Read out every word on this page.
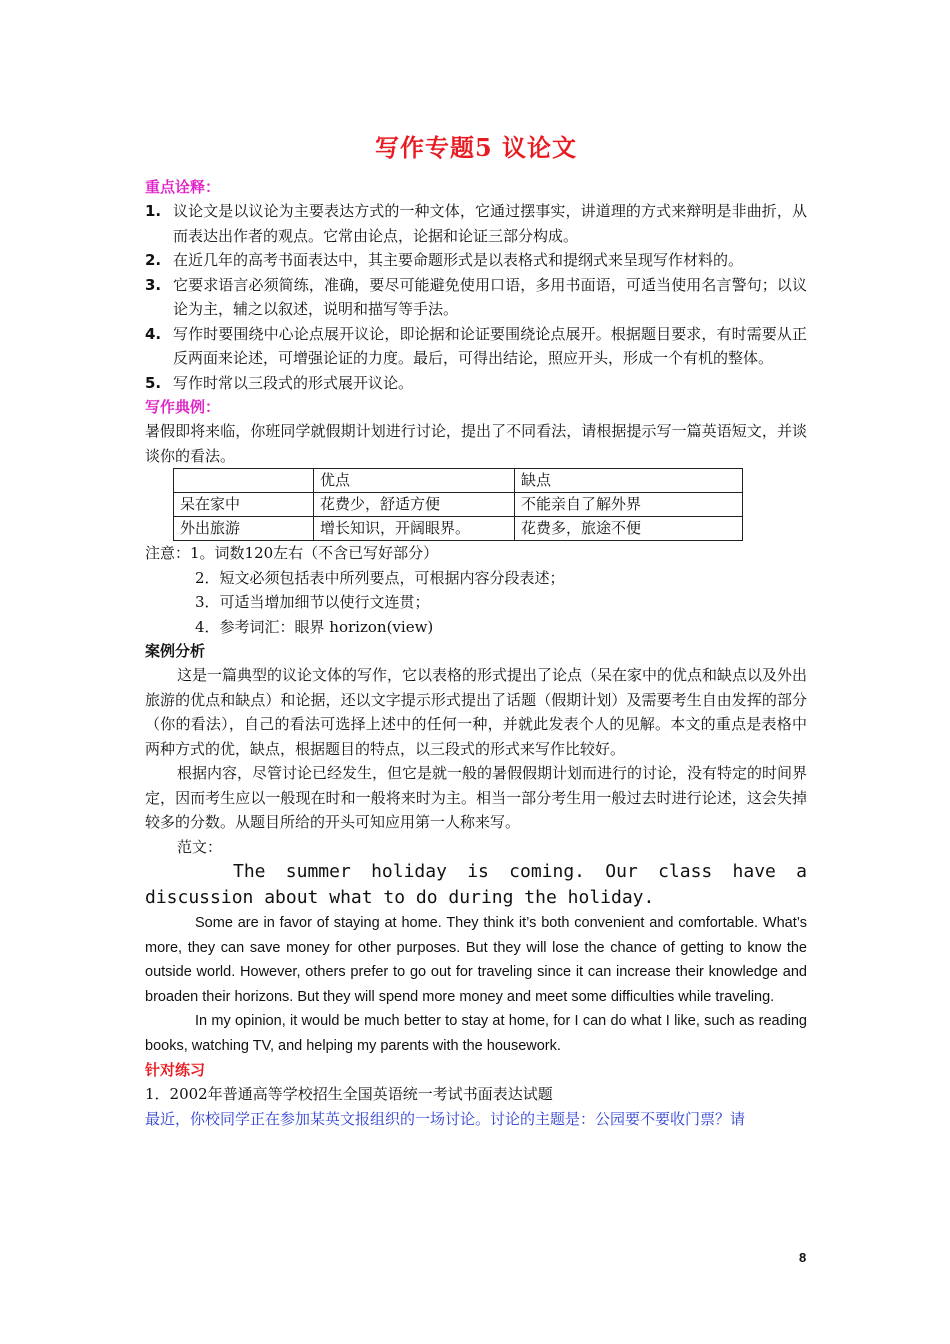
写作专题5 议论文
重点诠释：
1. 议论文是以议论为主要表达方式的一种文体，它通过摆事实，讲道理的方式来辩明是非曲折，从而表达出作者的观点。它常由论点，论据和论证三部分构成。
2. 在近几年的高考书面表达中，其主要命题形式是以表格式和提纲式来呈现写作材料的。
3. 它要求语言必须简练，准确，要尽可能避免使用口语，多用书面语，可适当使用名言警句；以议论为主，辅之以叙述，说明和描写等手法。
4. 写作时要围绕中心论点展开议论，即论据和论证要围绕论点展开。根据题目要求，有时需要从正反两面来论述，可增强论证的力度。最后，可得出结论，照应开头，形成一个有机的整体。
5. 写作时常以三段式的形式展开议论。
写作典例：
暑假即将来临，你班同学就假期计划进行讨论，提出了不同看法，请根据提示写一篇英语短文，并谈谈你的看法。
	优点	缺点
呆在家中	花费少，舒适方便	不能亲自了解外界
外出旅游	增长知识，开阔眼界。	花费多，旅途不便
注意：1。词数120左右（不含已写好部分）
2．短文必须包括表中所列要点，可根据内容分段表述；
3．可适当增加细节以使行文连贯；
4．参考词汇：眼界 horizon(view)
案例分析
这是一篇典型的议论文体的写作，它以表格的形式提出了论点（呆在家中的优点和缺点以及外出旅游的优点和缺点）和论据，还以文字提示形式提出了话题（假期计划）及需要考生自由发挥的部分（你的看法），自己的看法可选择上述中的任何一种，并就此发表个人的见解。本文的重点是表格中两种方式的优，缺点，根据题目的特点，以三段式的形式来写作比较好。
根据内容，尽管讨论已经发生，但它是就一般的暑假假期计划而进行的讨论，没有特定的时间界定，因而考生应以一般现在时和一般将来时为主。相当一部分考生用一般过去时进行论述，这会失掉较多的分数。从题目所给的开头可知应用第一人称来写。
范文：
The summer holiday is coming. Our class have a
discussion about what to do during the holiday.
Some are in favor of staying at home. They think it’s both convenient and comfortable. What’s more, they can save money for other purposes. But they will lose the chance of getting to know the outside world. However, others prefer to go out for traveling since it can increase their knowledge and broaden their horizons. But they will spend more money and meet some difficulties while traveling.
In my opinion, it would be much better to stay at home, for I can do what I like, such as reading books, watching TV, and helping my parents with the housework.
针对练习
1．2002年普通高等学校招生全国英语统一考试书面表达试题
最近，你校同学正在参加某英文报组织的一场讨论。讨论的主题是：公园要不要收门票？请
8
